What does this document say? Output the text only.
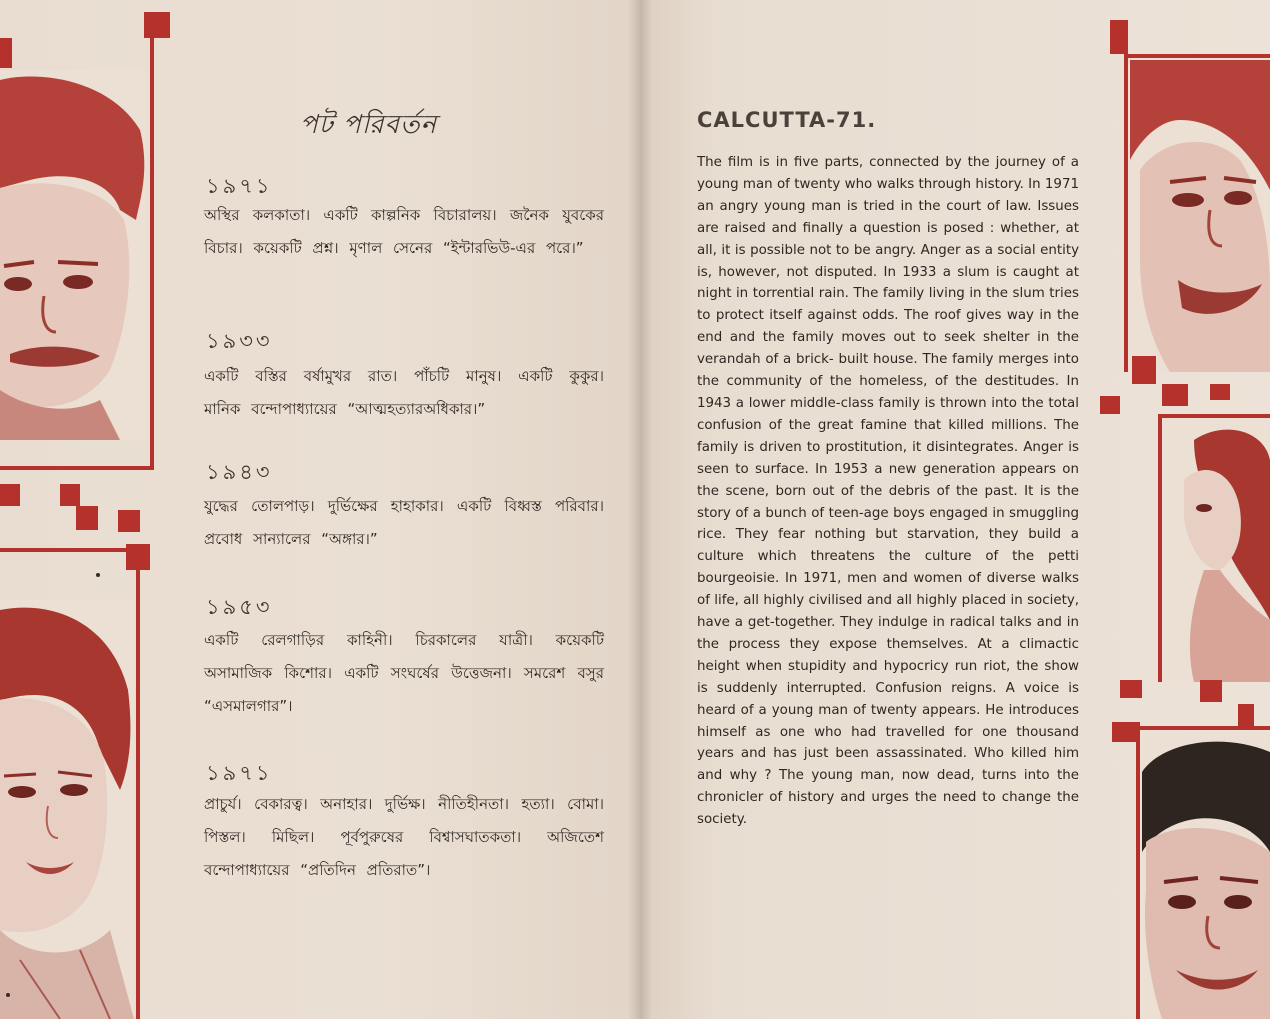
পট পরিবর্তন
১৯৭১
অস্থির কলকাতা। একটি কাল্পনিক বিচারালয়। জনৈক যুবকের বিচার। কয়েকটি প্রশ্ন। মৃণাল সেনের “ইন্টারভিউ-এর পরে।”
১৯৩৩
একটি বস্তির বর্ষামুখর রাত। পাঁচটি মানুষ। একটি কুকুর। মানিক বন্দোপাধ্যায়ের “আত্মহত্যারঅধিকার।”
১৯৪৩
যুদ্ধের তোলপাড়। দুর্ভিক্ষের হাহাকার। একটি বিধ্বস্ত পরিবার। প্রবোধ সান্যালের “অঙ্গার।”
১৯৫৩
একটি রেলগাড়ির কাহিনী। চিরকালের যাত্রী। কয়েকটি অসামাজিক কিশোর। একটি সংঘর্ষের উত্তেজনা। সমরেশ বসুর “এসমালগার”।
১৯৭১
প্রাচুর্য। বেকারত্ব। অনাহার। দুর্ভিক্ষ। নীতিহীনতা। হত্যা। বোমা। পিস্তল। মিছিল। পূর্বপুরুষের বিশ্বাসঘাতকতা। অজিতেশ বন্দোপাধ্যায়ের “প্রতিদিন প্রতিরাত”।
CALCUTTA-71.
The film is in five parts, connected by the journey of a young man of twenty who walks through history. In 1971 an angry young man is tried in the court of law. Issues are raised and finally a question is posed : whether, at all, it is possible not to be angry. Anger as a social entity is, however, not disputed. In 1933 a slum is caught at night in torrential rain. The family living in the slum tries to protect itself against odds. The roof gives way in the end and the family moves out to seek shelter in the verandah of a brick- built house. The family merges into the community of the homeless, of the destitudes. In 1943 a lower middle-class family is thrown into the total confusion of the great famine that killed millions. The family is driven to prostitution, it disintegrates. Anger is seen to surface. In 1953 a new generation appears on the scene, born out of the debris of the past. It is the story of a bunch of teen-age boys engaged in smuggling rice. They fear nothing but starvation, they build a culture which threatens the culture of the petti bourgeoisie. In 1971, men and women of diverse walks of life, all highly civilised and all highly placed in society, have a get-together. They indulge in radical talks and in the process they expose themselves. At a climactic height when stupidity and hypocricy run riot, the show is suddenly interrupted. Confusion reigns. A voice is heard of a young man of twenty appears. He introduces himself as one who had travelled for one thousand years and has just been assassinated. Who killed him and why ? The young man, now dead, turns into the chronicler of history and urges the need to change the society.
